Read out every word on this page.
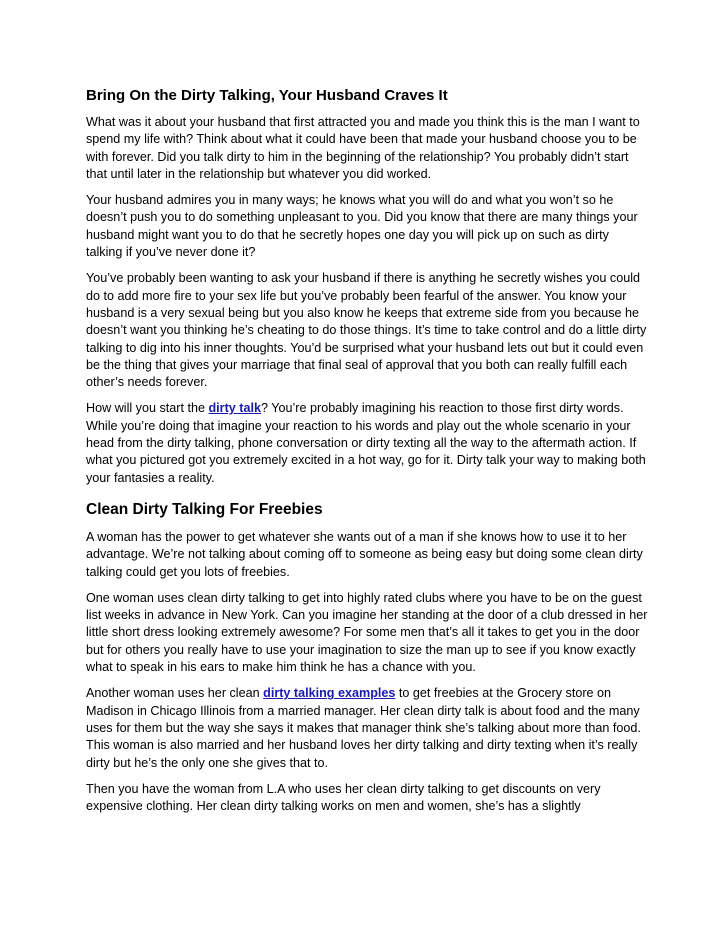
Bring On the Dirty Talking, Your Husband Craves It

What was it about your husband that first attracted you and made you think this is the man I want to spend my life with? Think about what it could have been that made your husband choose you to be with forever. Did you talk dirty to him in the beginning of the relationship? You probably didn’t start that until later in the relationship but whatever you did worked.

Your husband admires you in many ways; he knows what you will do and what you won’t so he doesn’t push you to do something unpleasant to you. Did you know that there are many things your husband might want you to do that he secretly hopes one day you will pick up on such as dirty talking if you’ve never done it?

You’ve probably been wanting to ask your husband if there is anything he secretly wishes you could do to add more fire to your sex life but you’ve probably been fearful of the answer. You know your husband is a very sexual being but you also know he keeps that extreme side from you because he doesn’t want you thinking he’s cheating to do those things. It’s time to take control and do a little dirty talking to dig into his inner thoughts. You’d be surprised what your husband lets out but it could even be the thing that gives your marriage that final seal of approval that you both can really fulfill each other’s needs forever.

How will you start the dirty talk? You’re probably imagining his reaction to those first dirty words. While you’re doing that imagine your reaction to his words and play out the whole scenario in your head from the dirty talking, phone conversation or dirty texting all the way to the aftermath action. If what you pictured got you extremely excited in a hot way, go for it. Dirty talk your way to making both your fantasies a reality.

Clean Dirty Talking For Freebies

A woman has the power to get whatever she wants out of a man if she knows how to use it to her advantage. We’re not talking about coming off to someone as being easy but doing some clean dirty talking could get you lots of freebies.

One woman uses clean dirty talking to get into highly rated clubs where you have to be on the guest list weeks in advance in New York. Can you imagine her standing at the door of a club dressed in her little short dress looking extremely awesome? For some men that’s all it takes to get you in the door but for others you really have to use your imagination to size the man up to see if you know exactly what to speak in his ears to make him think he has a chance with you.

Another woman uses her clean dirty talking examples to get freebies at the Grocery store on Madison in Chicago Illinois from a married manager. Her clean dirty talk is about food and the many uses for them but the way she says it makes that manager think she’s talking about more than food. This woman is also married and her husband loves her dirty talking and dirty texting when it’s really dirty but he’s the only one she gives that to.

Then you have the woman from L.A who uses her clean dirty talking to get discounts on very expensive clothing. Her clean dirty talking works on men and women, she’s has a slightly
